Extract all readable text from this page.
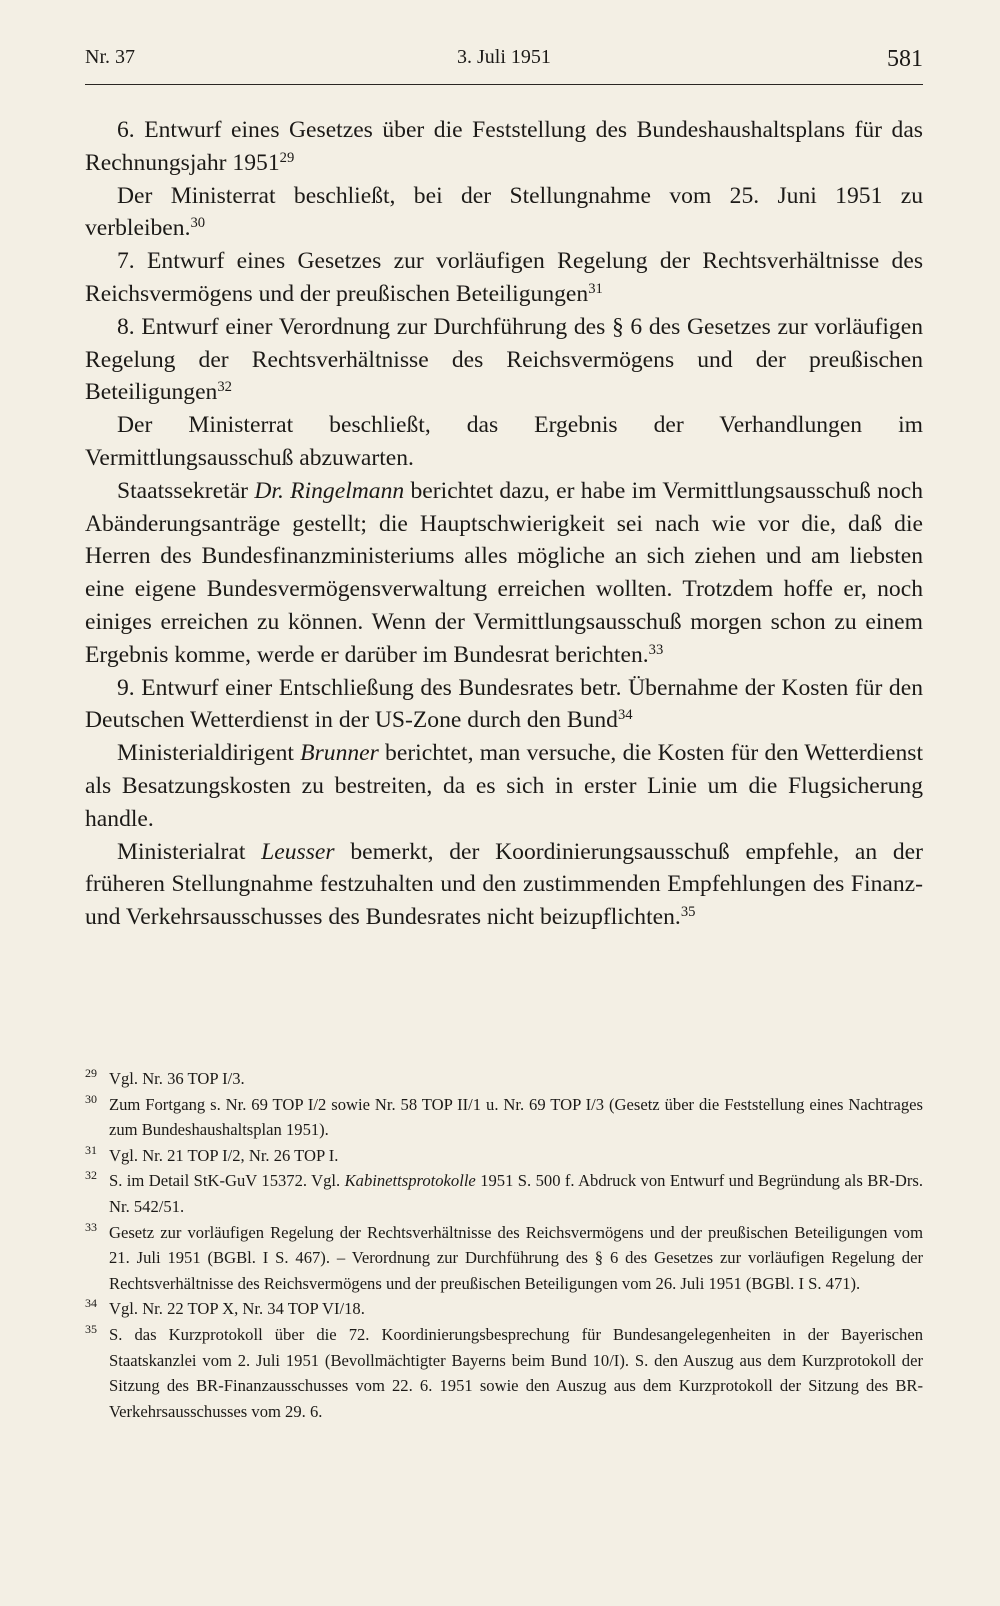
Nr. 37	3. Juli 1951	581

6. Entwurf eines Gesetzes über die Feststellung des Bundeshaushaltsplans für das Rechnungsjahr 1951$^{29}$

Der Ministerrat beschließt, bei der Stellungnahme vom 25. Juni 1951 zu verbleiben.$^{30}$

7. Entwurf eines Gesetzes zur vorläufigen Regelung der Rechtsverhältnisse des Reichsvermögens und der preußischen Beteiligungen$^{31}$

8. Entwurf einer Verordnung zur Durchführung des § 6 des Gesetzes zur vorläufigen Regelung der Rechtsverhältnisse des Reichsvermögens und der preußischen Beteiligungen$^{32}$

Der Ministerrat beschließt, das Ergebnis der Verhandlungen im Vermittlungsausschuß abzuwarten.

Staatssekretär Dr. Ringelmann berichtet dazu, er habe im Vermittlungsausschuß noch Abänderungsanträge gestellt; die Hauptschwierigkeit sei nach wie vor die, daß die Herren des Bundesfinanzministeriums alles mögliche an sich ziehen und am liebsten eine eigene Bundesvermögensverwaltung erreichen wollten. Trotzdem hoffe er, noch einiges erreichen zu können. Wenn der Vermittlungsausschuß morgen schon zu einem Ergebnis komme, werde er darüber im Bundesrat berichten.$^{33}$

9. Entwurf einer Entschließung des Bundesrates betr. Übernahme der Kosten für den Deutschen Wetterdienst in der US-Zone durch den Bund$^{34}$

Ministerialdirigent Brunner berichtet, man versuche, die Kosten für den Wetterdienst als Besatzungskosten zu bestreiten, da es sich in erster Linie um die Flugsicherung handle.

Ministerialrat Leusser bemerkt, der Koordinierungsausschuß empfehle, an der früheren Stellungnahme festzuhalten und den zustimmenden Empfehlungen des Finanz- und Verkehrsausschusses des Bundesrates nicht beizupflichten.$^{35}$

29 Vgl. Nr. 36 TOP I/3.
30 Zum Fortgang s. Nr. 69 TOP I/2 sowie Nr. 58 TOP II/1 u. Nr. 69 TOP I/3 (Gesetz über die Feststellung eines Nachtrages zum Bundeshaushaltsplan 1951).
31 Vgl. Nr. 21 TOP I/2, Nr. 26 TOP I.
32 S. im Detail StK-GuV 15372. Vgl. Kabinettsprotokolle 1951 S. 500 f. Abdruck von Entwurf und Begründung als BR-Drs. Nr. 542/51.
33 Gesetz zur vorläufigen Regelung der Rechtsverhältnisse des Reichsvermögens und der preußischen Beteiligungen vom 21. Juli 1951 (BGBl. I S. 467). – Verordnung zur Durchführung des § 6 des Gesetzes zur vorläufigen Regelung der Rechtsverhältnisse des Reichsvermögens und der preußischen Beteiligungen vom 26. Juli 1951 (BGBl. I S. 471).
34 Vgl. Nr. 22 TOP X, Nr. 34 TOP VI/18.
35 S. das Kurzprotokoll über die 72. Koordinierungsbesprechung für Bundesangelegenheiten in der Bayerischen Staatskanzlei vom 2. Juli 1951 (Bevollmächtigter Bayerns beim Bund 10/I). S. den Auszug aus dem Kurzprotokoll der Sitzung des BR-Finanzausschusses vom 22. 6. 1951 sowie den Auszug aus dem Kurzprotokoll der Sitzung des BR-Verkehrsausschusses vom 29. 6.
